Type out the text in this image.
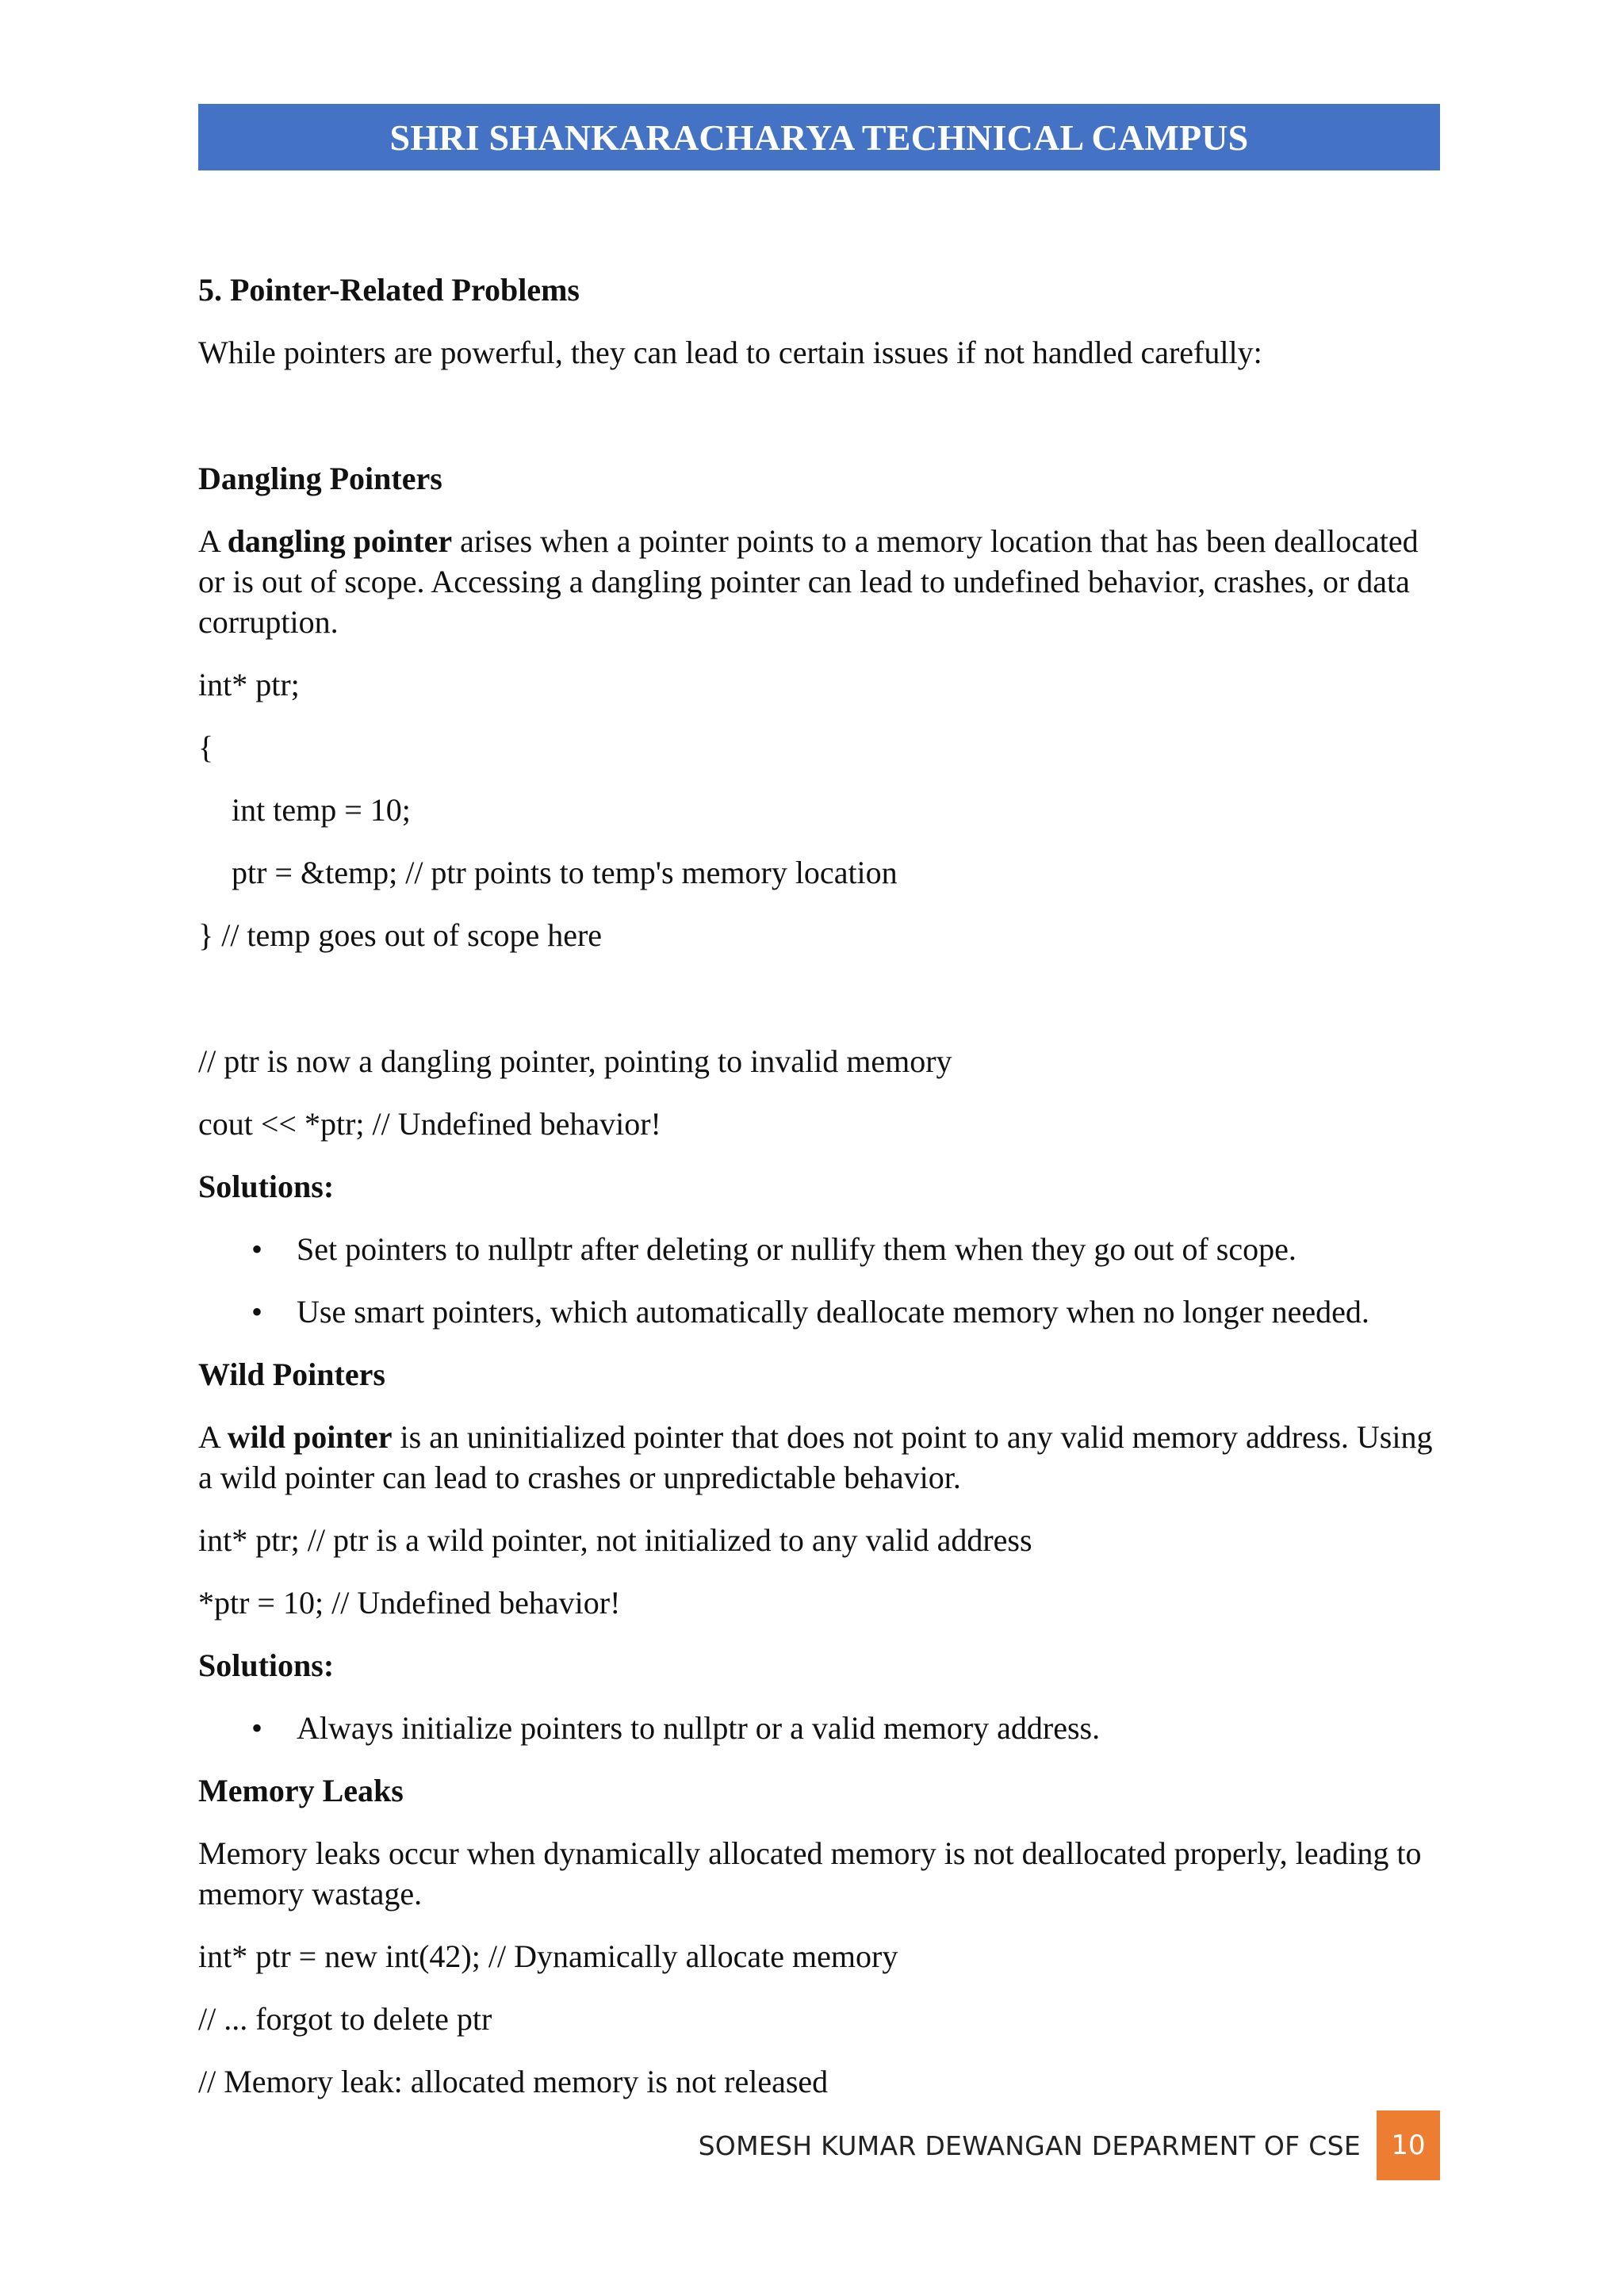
SHRI SHANKARACHARYA TECHNICAL CAMPUS

5. Pointer-Related Problems

While pointers are powerful, they can lead to certain issues if not handled carefully:

Dangling Pointers

A dangling pointer arises when a pointer points to a memory location that has been deallocated or is out of scope. Accessing a dangling pointer can lead to undefined behavior, crashes, or data corruption.

int* ptr;

{

int temp = 10;

ptr = &temp; // ptr points to temp's memory location

} // temp goes out of scope here

// ptr is now a dangling pointer, pointing to invalid memory

cout << *ptr; // Undefined behavior!

Solutions:

• Set pointers to nullptr after deleting or nullify them when they go out of scope.
• Use smart pointers, which automatically deallocate memory when no longer needed.

Wild Pointers

A wild pointer is an uninitialized pointer that does not point to any valid memory address. Using a wild pointer can lead to crashes or unpredictable behavior.

int* ptr; // ptr is a wild pointer, not initialized to any valid address

*ptr = 10; // Undefined behavior!

Solutions:

• Always initialize pointers to nullptr or a valid memory address.

Memory Leaks

Memory leaks occur when dynamically allocated memory is not deallocated properly, leading to memory wastage.

int* ptr = new int(42); // Dynamically allocate memory

// ... forgot to delete ptr

// Memory leak: allocated memory is not released

SOMESH KUMAR DEWANGAN DEPARMENT OF CSE	10
